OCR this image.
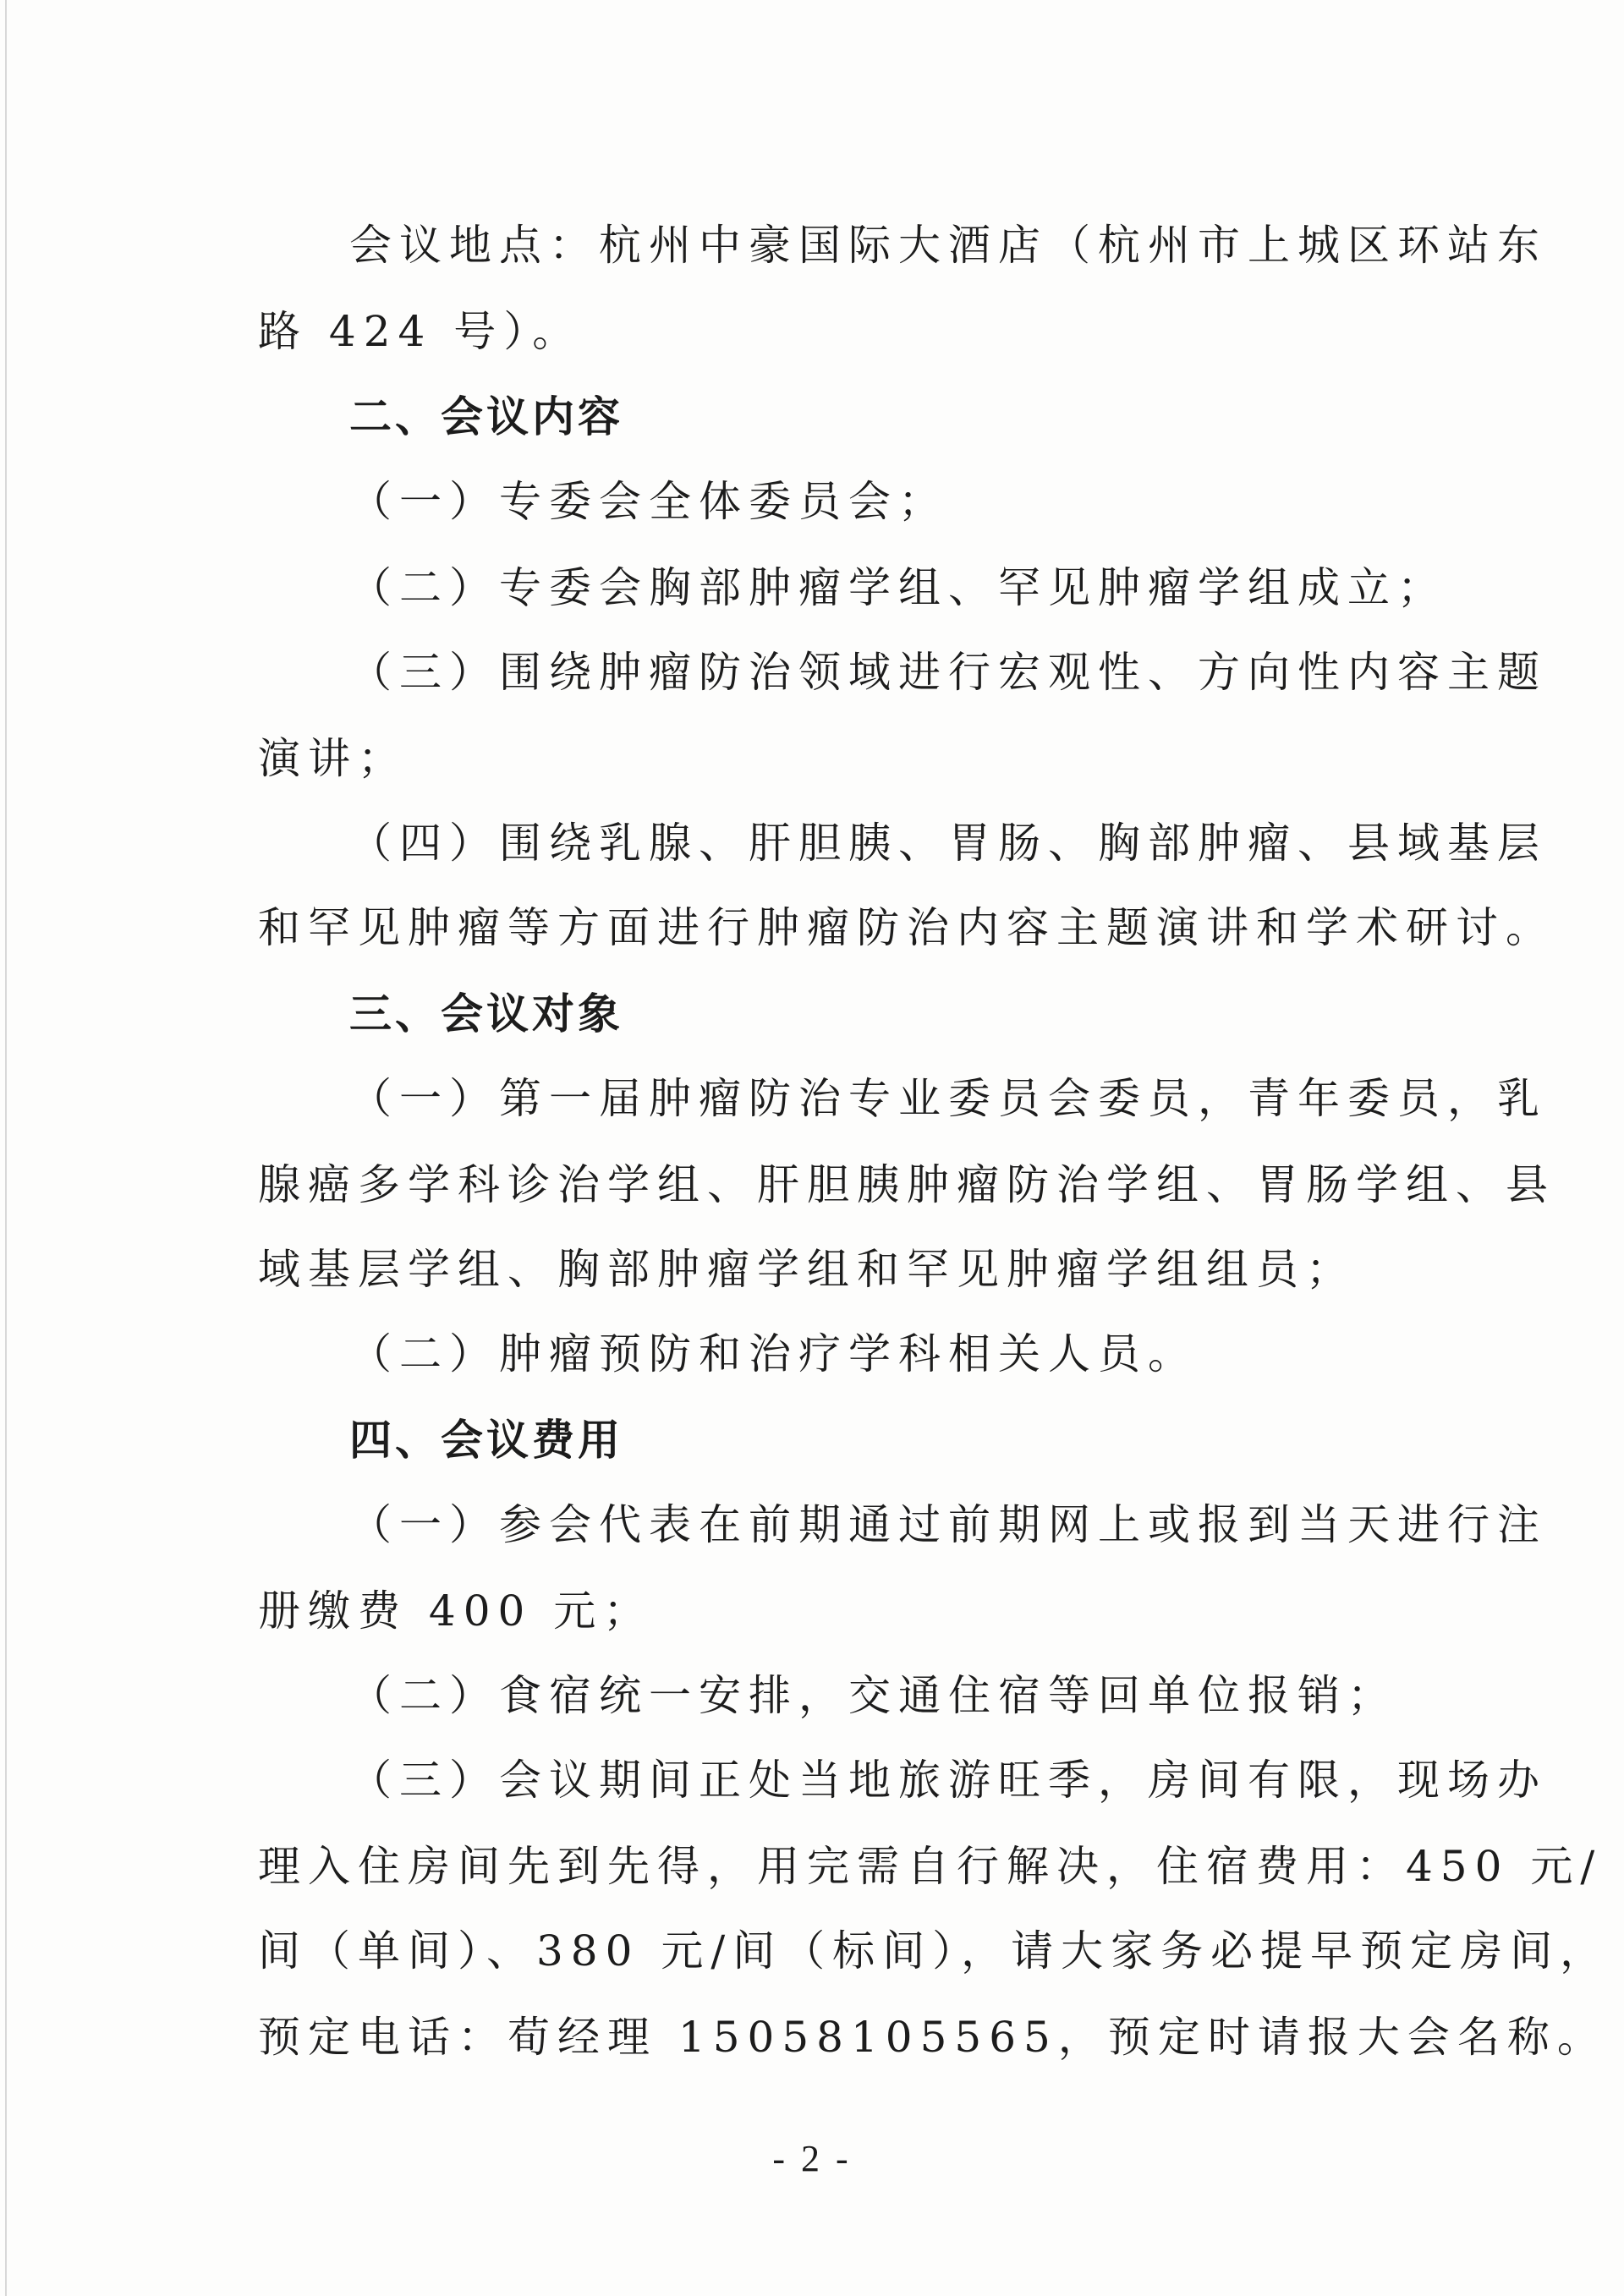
会议地点：杭州中豪国际大酒店（杭州市上城区环站东
路 424 号）。
二、会议内容
（一）专委会全体委员会；
（二）专委会胸部肿瘤学组、罕见肿瘤学组成立；
（三）围绕肿瘤防治领域进行宏观性、方向性内容主题
演讲；
（四）围绕乳腺、肝胆胰、胃肠、胸部肿瘤、县域基层
和罕见肿瘤等方面进行肿瘤防治内容主题演讲和学术研讨。
三、会议对象
（一）第一届肿瘤防治专业委员会委员，青年委员，乳
腺癌多学科诊治学组、肝胆胰肿瘤防治学组、胃肠学组、县
域基层学组、胸部肿瘤学组和罕见肿瘤学组组员；
（二）肿瘤预防和治疗学科相关人员。
四、会议费用
（一）参会代表在前期通过前期网上或报到当天进行注
册缴费 400 元；
（二）食宿统一安排，交通住宿等回单位报销；
（三）会议期间正处当地旅游旺季，房间有限，现场办
理入住房间先到先得，用完需自行解决，住宿费用：450 元/
间（单间）、380 元/间（标间），请大家务必提早预定房间，
预定电话：荀经理 15058105565，预定时请报大会名称。
- 2 -
